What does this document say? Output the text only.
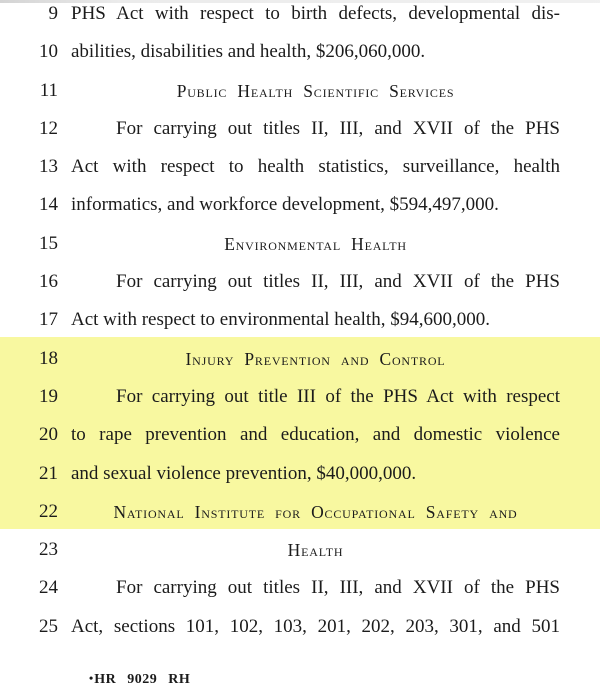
9 PHS Act with respect to birth defects, developmental dis-
10 abilities, disabilities and health, $206,060,000.
11	Public Health Scientific Services
12	For carrying out titles II, III, and XVII of the PHS
13 Act with respect to health statistics, surveillance, health
14 informatics, and workforce development, $594,497,000.
15	Environmental Health
16	For carrying out titles II, III, and XVII of the PHS
17 Act with respect to environmental health, $94,600,000.
18	Injury Prevention and Control
19	For carrying out title III of the PHS Act with respect
20 to rape prevention and education, and domestic violence
21 and sexual violence prevention, $40,000,000.
22	National Institute for Occupational Safety and
23	Health
24	For carrying out titles II, III, and XVII of the PHS
25 Act, sections 101, 102, 103, 201, 202, 203, 301, and 501
•HR 9029 RH
